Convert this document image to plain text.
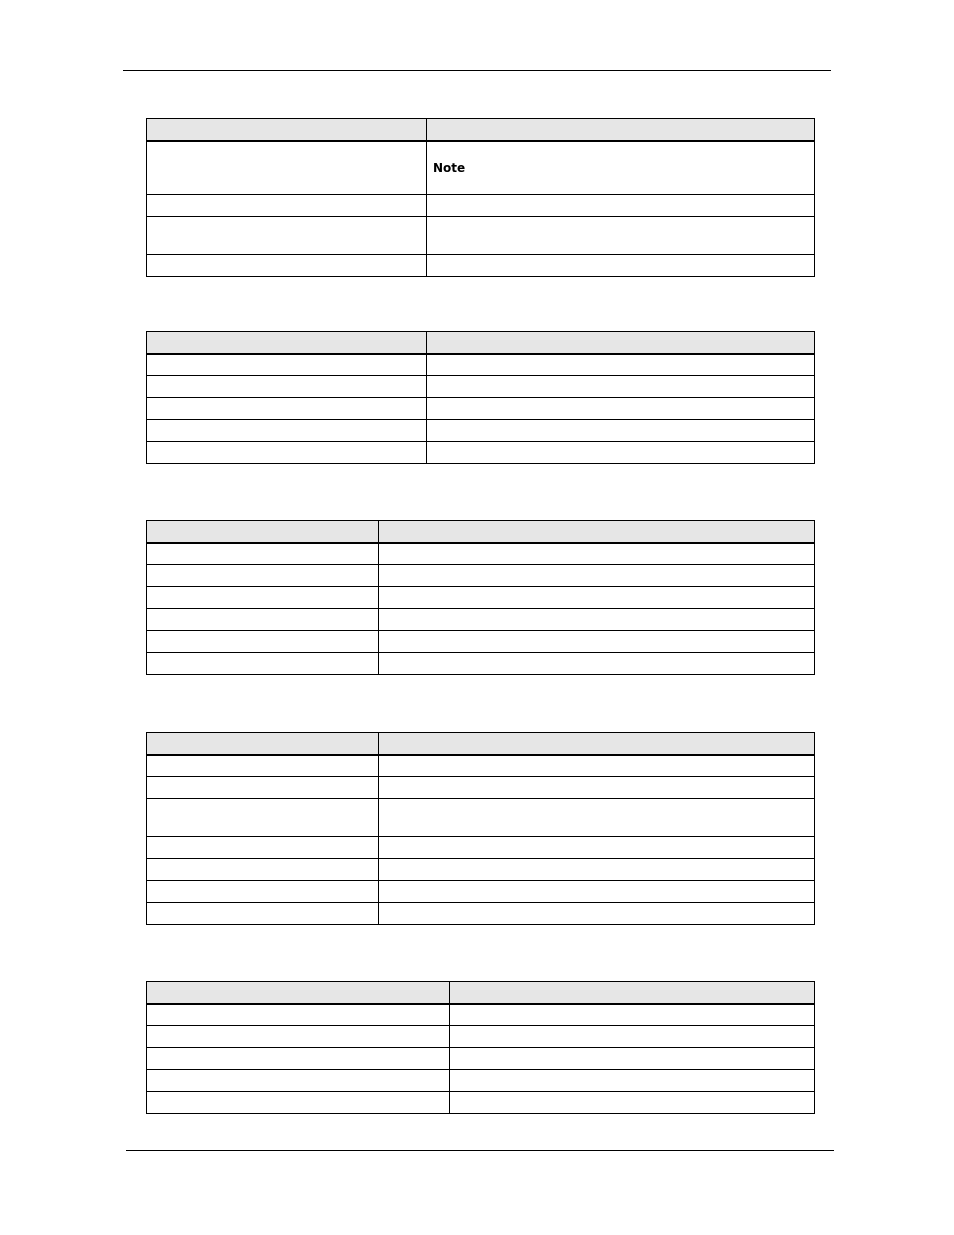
	Note
